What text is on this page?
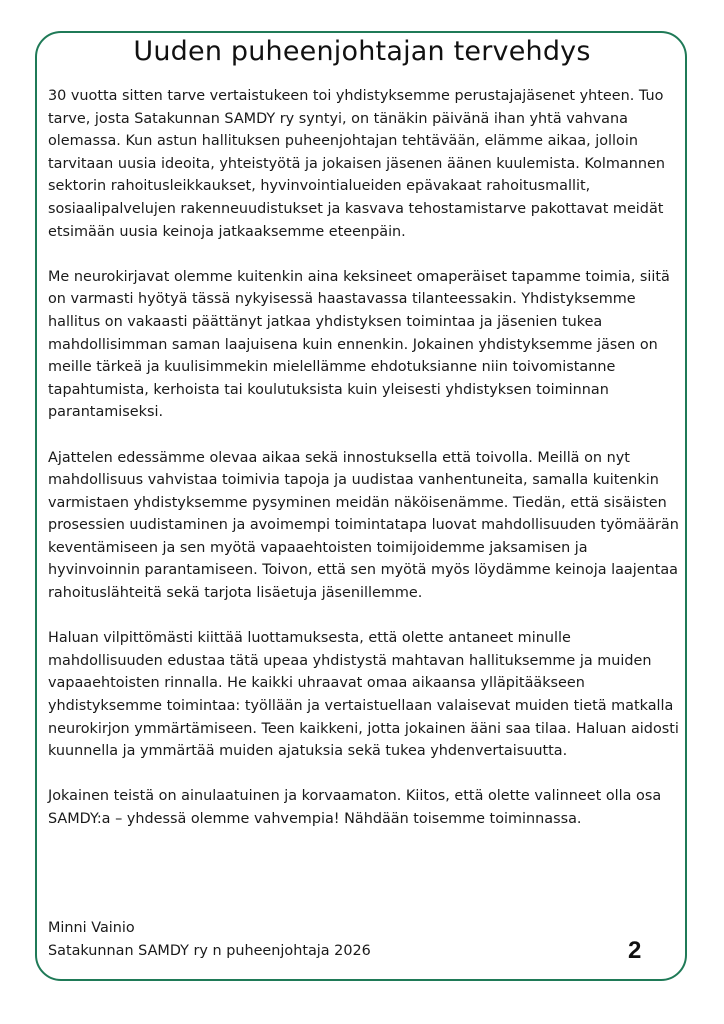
Uuden puheenjohtajan tervehdys

30 vuotta sitten tarve vertaistukeen toi yhdistyksemme perustajajäsenet yhteen. Tuo tarve, josta Satakunnan SAMDY ry syntyi, on tänäkin päivänä ihan yhtä vahvana olemassa. Kun astun hallituksen puheenjohtajan tehtävään, elämme aikaa, jolloin tarvitaan uusia ideoita, yhteistyötä ja jokaisen jäsenen äänen kuulemista. Kolmannen sektorin rahoitusleikkaukset, hyvinvointialueiden epävakaat rahoitusmallit, sosiaalipalvelujen rakenneuudistukset ja kasvava tehostamistarve pakottavat meidät etsimään uusia keinoja jatkaaksemme eteenpäin.

Me neurokirjavat olemme kuitenkin aina keksineet omaperäiset tapamme toimia, siitä on varmasti hyötyä tässä nykyisessä haastavassa tilanteessakin. Yhdistyksemme hallitus on vakaasti päättänyt jatkaa yhdistyksen toimintaa ja jäsenien tukea mahdollisimman saman laajuisena kuin ennenkin. Jokainen yhdistyksemme jäsen on meille tärkeä ja kuulisimmekin mielellämme ehdotuksianne niin toivomistanne tapahtumista, kerhoista tai koulutuksista kuin yleisesti yhdistyksen toiminnan parantamiseksi.

Ajattelen edessämme olevaa aikaa sekä innostuksella että toivolla. Meillä on nyt mahdollisuus vahvistaa toimivia tapoja ja uudistaa vanhentuneita, samalla kuitenkin varmistaen yhdistyksemme pysyminen meidän näköisenämme. Tiedän, että sisäisten prosessien uudistaminen ja avoimempi toimintatapa luovat mahdollisuuden työmäärän keventämiseen ja sen myötä vapaaehtoisten toimijoidemme jaksamisen ja hyvinvoinnin parantamiseen. Toivon, että sen myötä myös löydämme keinoja laajentaa rahoituslähteitä sekä tarjota lisäetuja jäsenillemme.

Haluan vilpittömästi kiittää luottamuksesta, että olette antaneet minulle mahdollisuuden edustaa tätä upeaa yhdistystä mahtavan hallituksemme ja muiden vapaaehtoisten rinnalla. He kaikki uhraavat omaa aikaansa ylläpitääkseen yhdistyksemme toimintaa: työllään ja vertaistuellaan valaisevat muiden tietä matkalla neurokirjon ymmärtämiseen. Teen kaikkeni, jotta jokainen ääni saa tilaa. Haluan aidosti kuunnella ja ymmärtää muiden ajatuksia sekä tukea yhdenvertaisuutta.

Jokainen teistä on ainulaatuinen ja korvaamaton. Kiitos, että olette valinneet olla osa SAMDY:a – yhdessä olemme vahvempia! Nähdään toisemme toiminnassa.

Minni Vainio
Satakunnan SAMDY ry n puheenjohtaja 2026	2
